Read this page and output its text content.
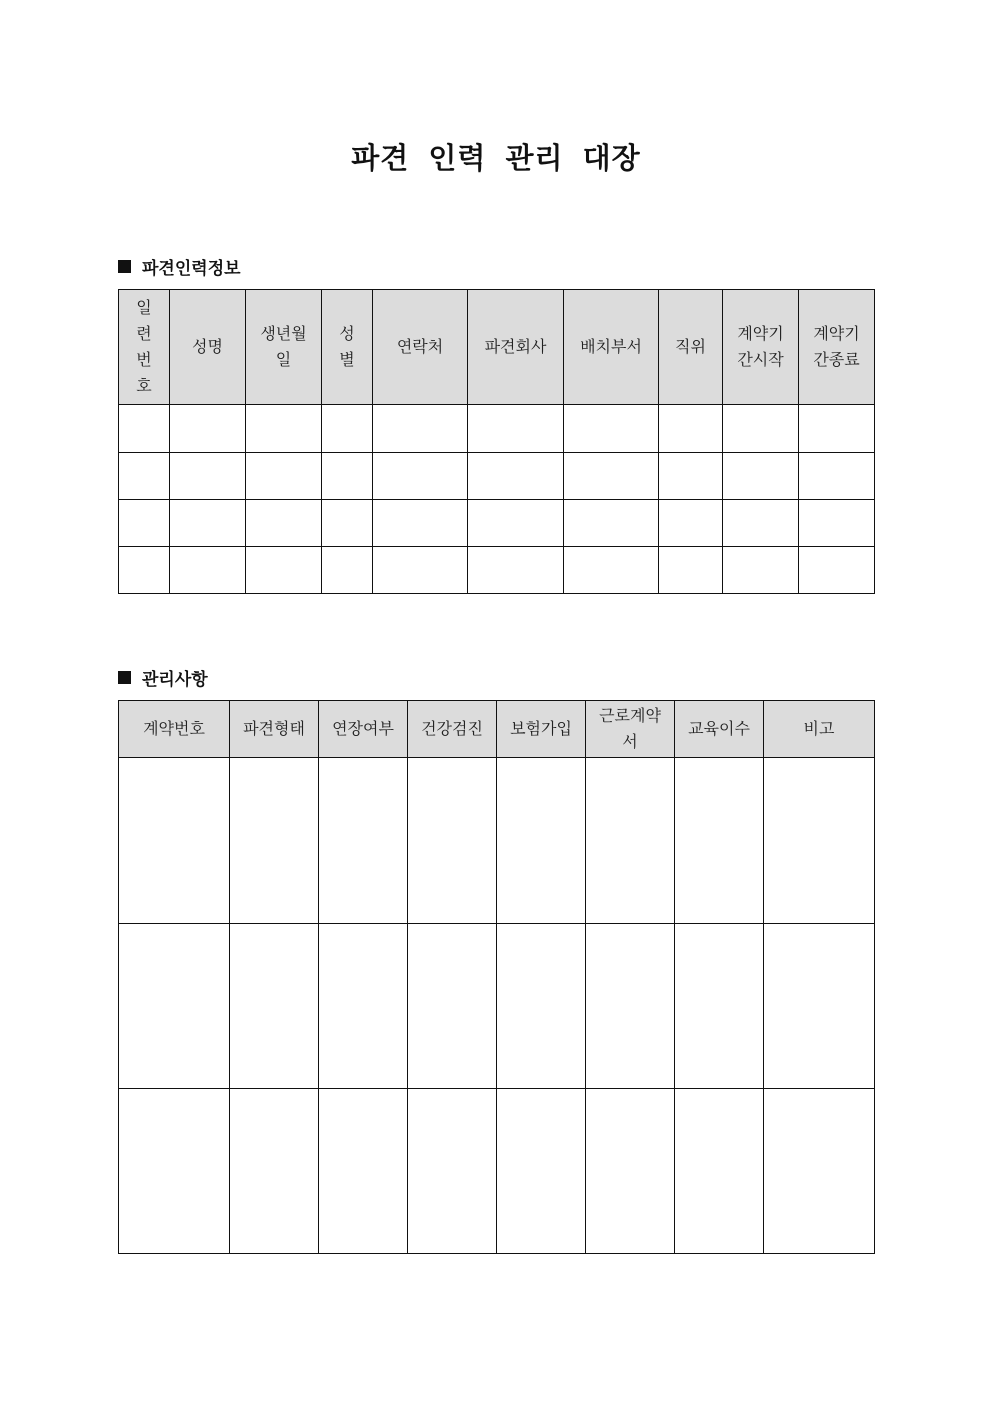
파견 인력 관리 대장
파견인력정보
일련번호	성명	생년월일	성별	연락처	파견회사	배치부서	직위	계약기간시작	계약기간종료

관리사항
계약번호	파견형태	연장여부	건강검진	보험가입	근로계약서	교육이수	비고
